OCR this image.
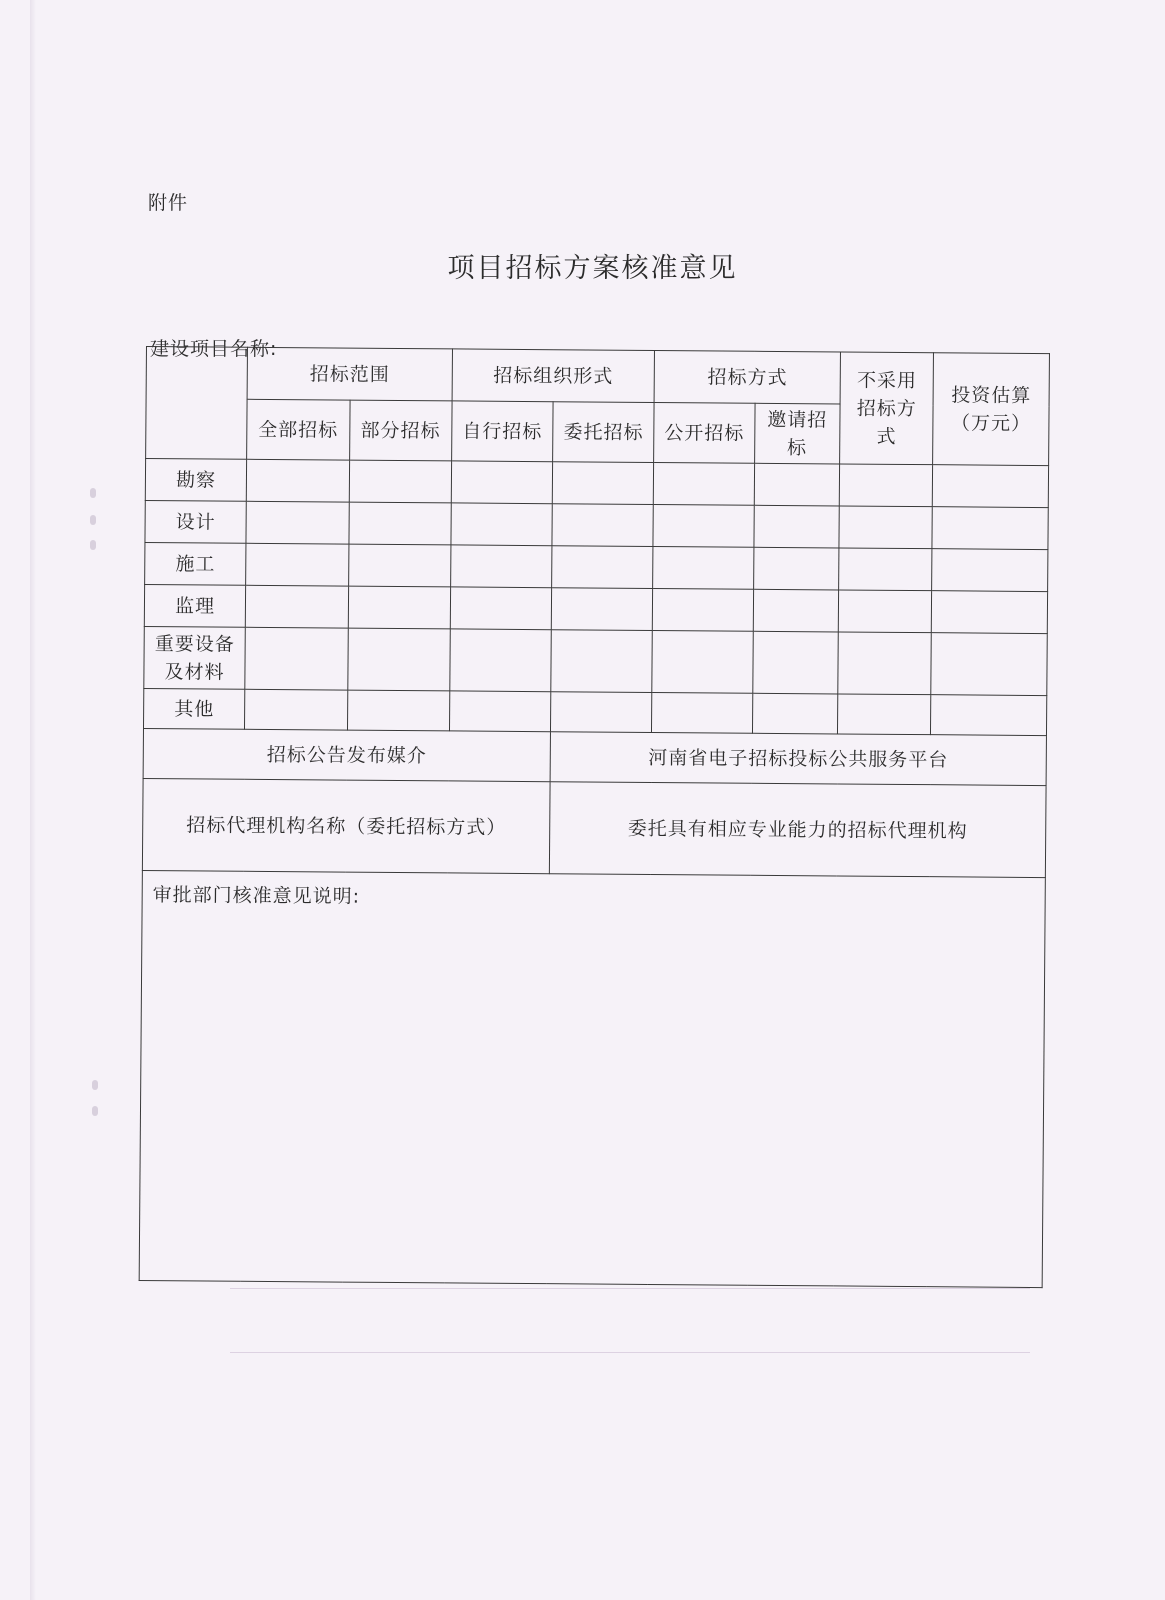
附件
项目招标方案核准意见
建设项目名称:
	招标范围		招标组织形式		招标方式		不采用招标方式	投资估算（万元）

	全部招标	部分招标	自行招标	委托招标	公开招标	邀请招标		

勘察								
设计								
施工								
监理								

重要设备及材料								

其他								
招标公告发布媒介				河南省电子招标投标公共服务平台				
招标代理机构名称（委托招标方式）				委托具有相应专业能力的招标代理机构				
审批部门核准意见说明:								
